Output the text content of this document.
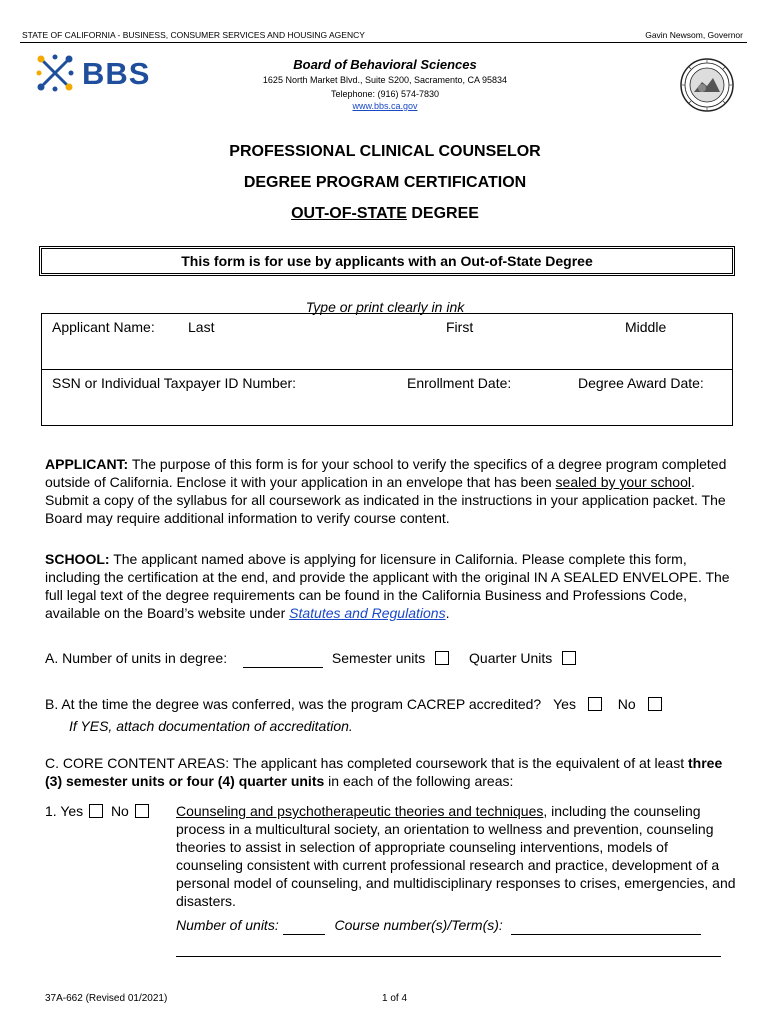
STATE OF CALIFORNIA - BUSINESS, CONSUMER SERVICES AND HOUSING AGENCY	Gavin Newsom, Governor
BBS	Board of Behavioral Sciences
1625 North Market Blvd., Suite S200, Sacramento, CA 95834
Telephone: (916) 574-7830
www.bbs.ca.gov
PROFESSIONAL CLINICAL COUNSELOR
DEGREE PROGRAM CERTIFICATION
OUT-OF-STATE DEGREE
This form is for use by applicants with an Out-of-State Degree
Type or print clearly in ink
Applicant Name: Last	First	Middle
SSN or Individual Taxpayer ID Number:	Enrollment Date:	Degree Award Date:
APPLICANT: The purpose of this form is for your school to verify the specifics of a degree program completed outside of California. Enclose it with your application in an envelope that has been sealed by your school. Submit a copy of the syllabus for all coursework as indicated in the instructions in your application packet. The Board may require additional information to verify course content.
SCHOOL: The applicant named above is applying for licensure in California. Please complete this form, including the certification at the end, and provide the applicant with the original IN A SEALED ENVELOPE. The full legal text of the degree requirements can be found in the California Business and Professions Code, available on the Board’s website under Statutes and Regulations.
A. Number of units in degree:	Semester units	Quarter Units
B. At the time the degree was conferred, was the program CACREP accredited? Yes	No
If YES, attach documentation of accreditation.
C. CORE CONTENT AREAS: The applicant has completed coursework that is the equivalent of at least three (3) semester units or four (4) quarter units in each of the following areas:
1. Yes No	Counseling and psychotherapeutic theories and techniques, including the counseling process in a multicultural society, an orientation to wellness and prevention, counseling theories to assist in selection of appropriate counseling interventions, models of counseling consistent with current professional research and practice, development of a personal model of counseling, and multidisciplinary responses to crises, emergencies, and disasters.
Number of units:	Course number(s)/Term(s):
37A-662 (Revised 01/2021)	1 of 4
